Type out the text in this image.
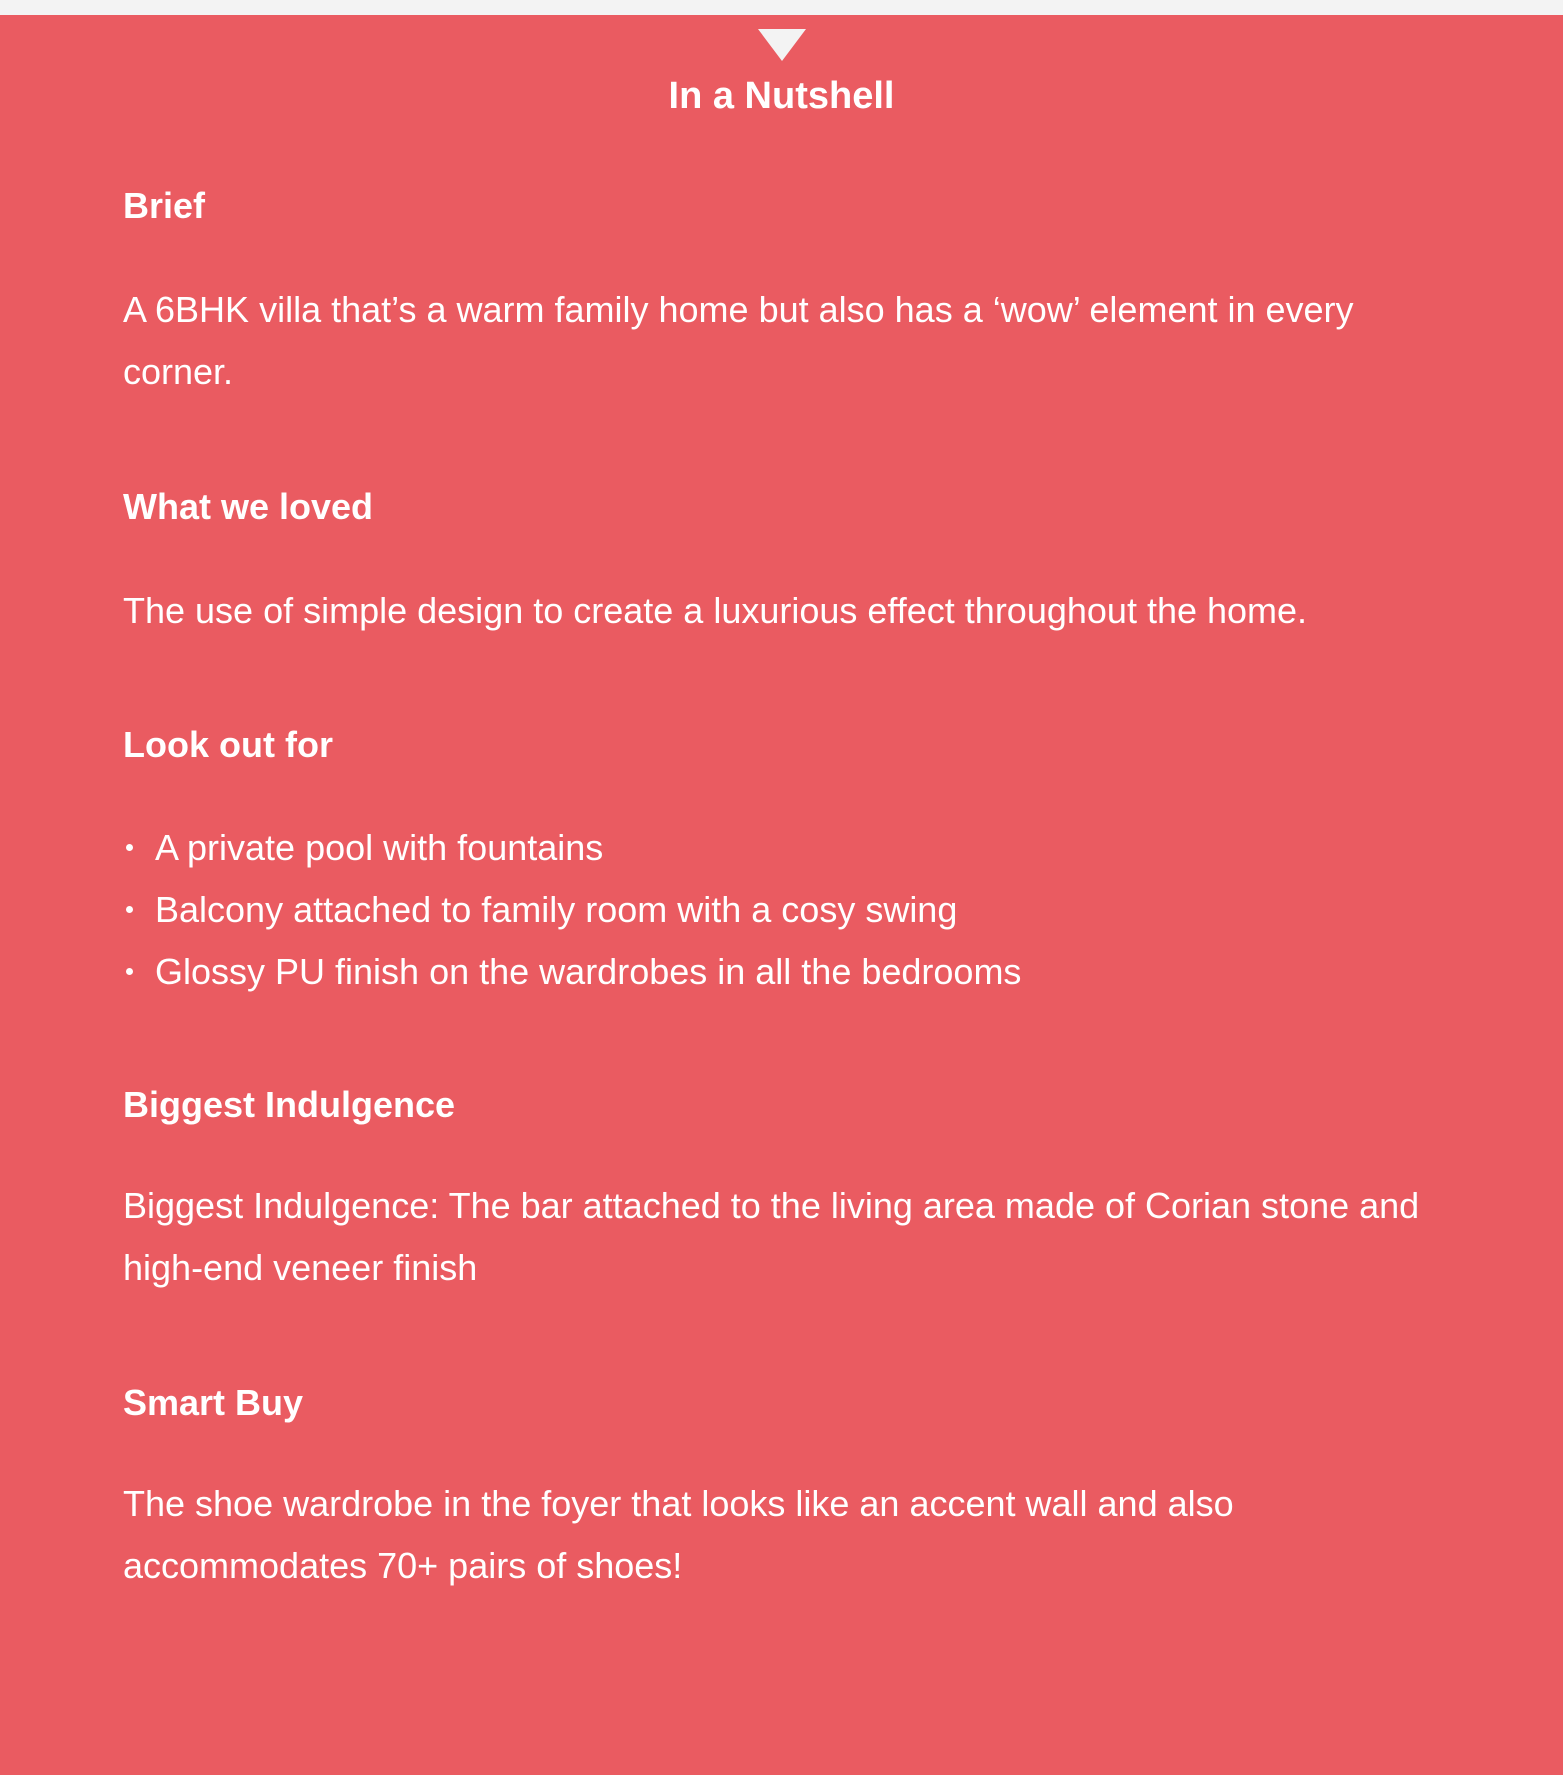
In a Nutshell
Brief
A 6BHK villa that’s a warm family home but also has a ‘wow’ element in every corner.
What we loved
The use of simple design to create a luxurious effect throughout the home.
Look out for
A private pool with fountains
Balcony attached to family room with a cosy swing
Glossy PU finish on the wardrobes in all the bedrooms
Biggest Indulgence
Biggest Indulgence: The bar attached to the living area made of Corian stone and high-end veneer finish
Smart Buy
The shoe wardrobe in the foyer that looks like an accent wall and also accommodates 70+ pairs of shoes!
